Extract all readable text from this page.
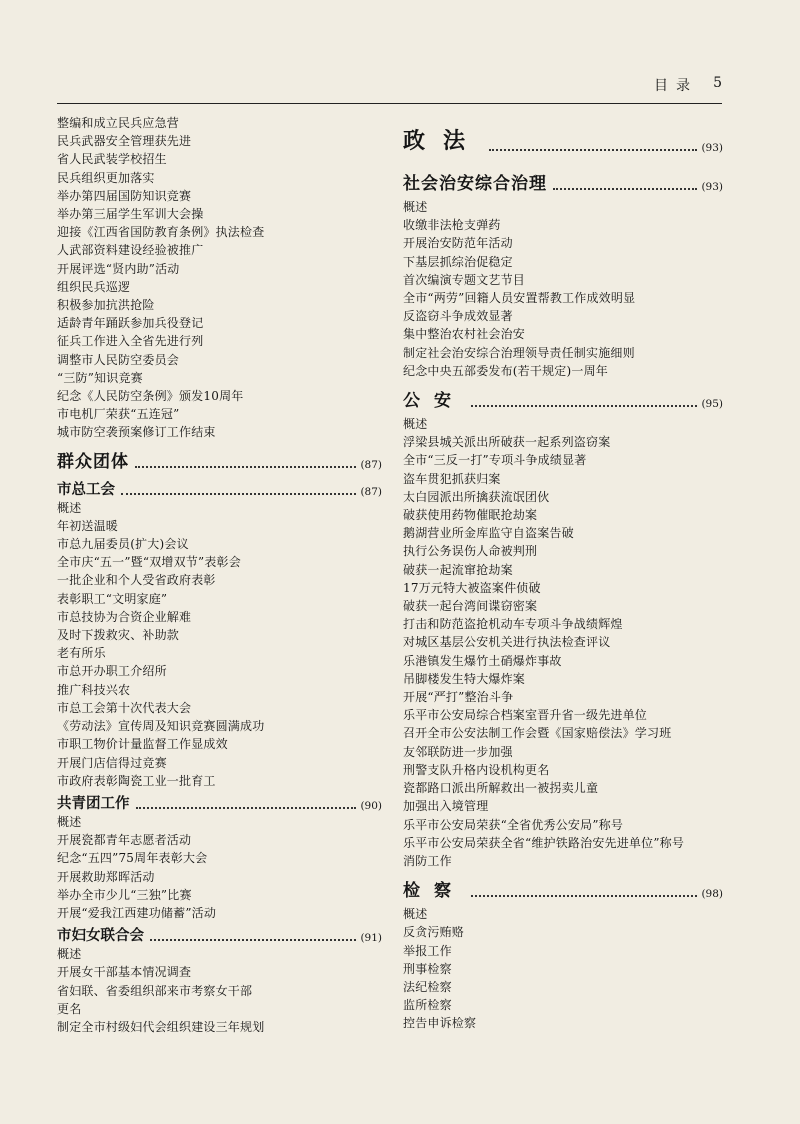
目录 5
整编和成立民兵应急营
民兵武器安全管理获先进
省人民武装学校招生
民兵组织更加落实
举办第四届国防知识竞赛
举办第三届学生军训大会操
迎接《江西省国防教育条例》执法检查
人武部资料建设经验被推广
开展评选“贤内助”活动
组织民兵巡逻
积极参加抗洪抢险
适龄青年踊跃参加兵役登记
征兵工作进入全省先进行列
调整市人民防空委员会
“三防”知识竞赛
纪念《人民防空条例》颁发10周年
市电机厂荣获“五连冠”
城市防空袭预案修订工作结束
群众团体	(87)
市总工会	(87)
概述
年初送温暖
市总九届委员(扩大)会议
全市庆“五一”暨“双增双节”表彰会
一批企业和个人受省政府表彰
表彰职工“文明家庭”
市总技协为合资企业解难
及时下拨救灾、补助款
老有所乐
市总开办职工介绍所
推广科技兴农
市总工会第十次代表大会
《劳动法》宣传周及知识竞赛圆满成功
市职工物价计量监督工作显成效
开展门店信得过竞赛
市政府表彰陶瓷工业一批育工
共青团工作	(90)
概述
开展瓷都青年志愿者活动
纪念“五四”75周年表彰大会
开展救助郑晖活动
举办全市少儿“三独”比赛
开展“爱我江西建功储蓄”活动
市妇女联合会	(91)
概述
开展女干部基本情况调查
省妇联、省委组织部来市考察女干部
更名
制定全市村级妇代会组织建设三年规划
政法	(93)
社会治安综合治理	(93)
概述
收缴非法枪支弹药
开展治安防范年活动
下基层抓综治促稳定
首次编演专题文艺节目
全市“两劳”回籍人员安置帮教工作成效明显
反盗窃斗争成效显著
集中整治农村社会治安
制定社会治安综合治理领导责任制实施细则
纪念中央五部委发布(若干规定)一周年
公安	(95)
概述
浮梁县城关派出所破获一起系列盗窃案
全市“三反一打”专项斗争成绩显著
盗车贯犯抓获归案
太白园派出所擒获流氓团伙
破获使用药物催眠抢劫案
鹅湖营业所金库监守自盗案告破
执行公务误伤人命被判刑
破获一起流窜抢劫案
17万元特大被盗案件侦破
破获一起台湾间谍窃密案
打击和防范盗抢机动车专项斗争战绩辉煌
对城区基层公安机关进行执法检查评议
乐港镇发生爆竹土硝爆炸事故
吊脚楼发生特大爆炸案
开展“严打”整治斗争
乐平市公安局综合档案室晋升省一级先进单位
召开全市公安法制工作会暨《国家赔偿法》学习班
友邻联防进一步加强
刑警支队升格内设机构更名
瓷都路口派出所解救出一被拐卖儿童
加强出入境管理
乐平市公安局荣获“全省优秀公安局”称号
乐平市公安局荣获全省“维护铁路治安先进单位”称号
消防工作
检察	(98)
概述
反贪污贿赂
举报工作
刑事检察
法纪检察
监所检察
控告申诉检察
